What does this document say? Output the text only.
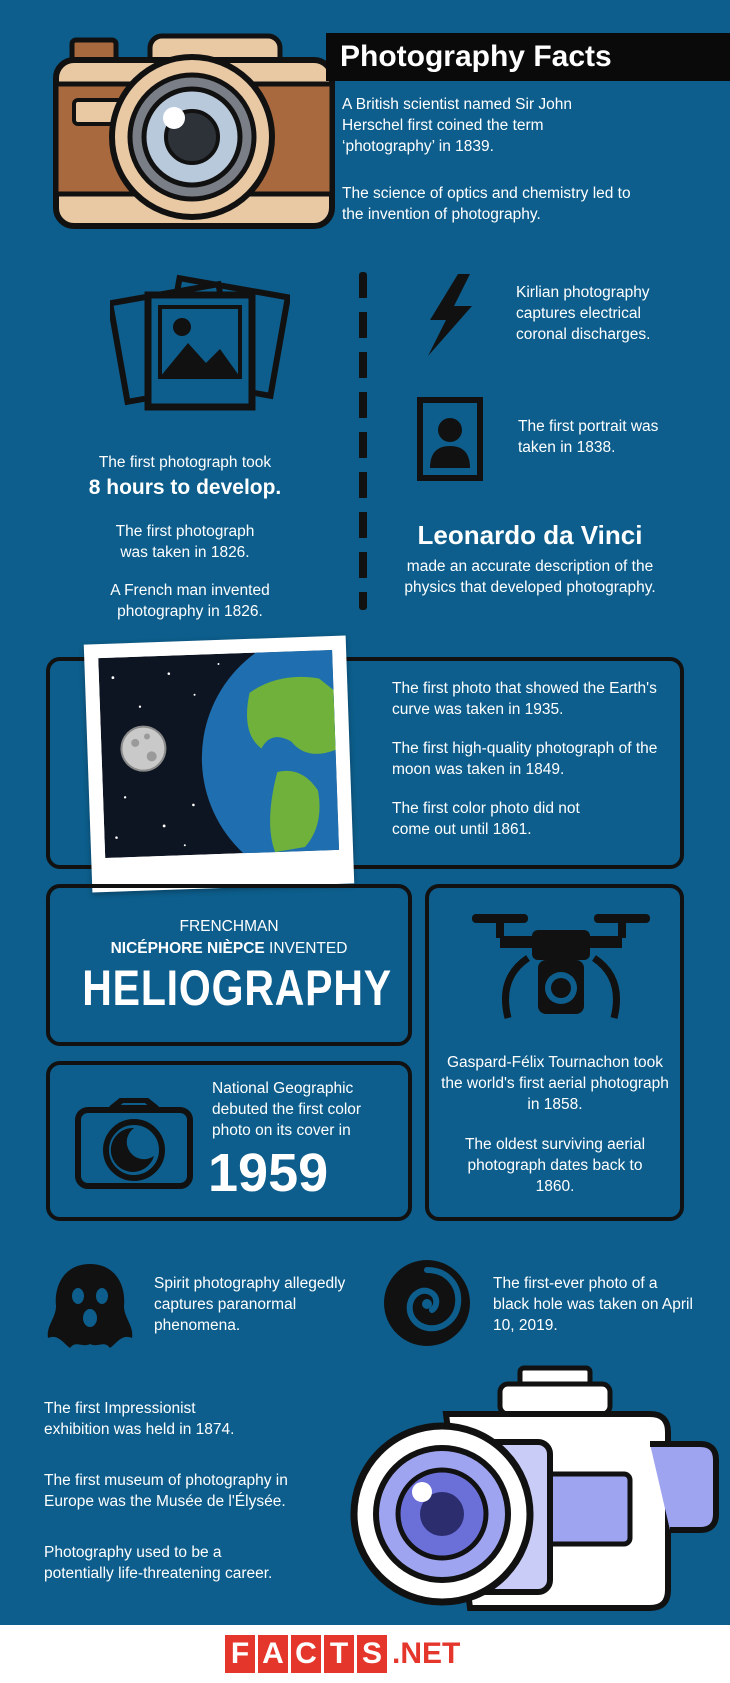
Photography Facts

A British scientist named Sir John Herschel first coined the term ‘photography’ in 1839.

The science of optics and chemistry led to the invention of photography.

The first photograph took

8 hours to develop.

The first photograph was taken in 1826.

A French man invented photography in 1826.

Kirlian photography captures electrical coronal discharges.

The first portrait was taken in 1838.

Leonardo da Vinci

made an accurate description of the physics that developed photography.

The first photo that showed the Earth's curve was taken in 1935.

The first high-quality photograph of the moon was taken in 1849.

The first color photo did not come out until 1861.

FRENCHMAN
NICÉPHORE NIÈPCE INVENTED
HELIOGRAPHY

National Geographic debuted the first color photo on its cover in

1959

Gaspard-Félix Tournachon took the world's first aerial photograph in 1858.

The oldest surviving aerial photograph dates back to 1860.

Spirit photography allegedly captures paranormal phenomena.

The first-ever photo of a black hole was taken on April 10, 2019.

The first Impressionist exhibition was held in 1874.

The first museum of photography in Europe was the Musée de l'Élysée.

Photography used to be a potentially life-threatening career.

F A C T S .NET
